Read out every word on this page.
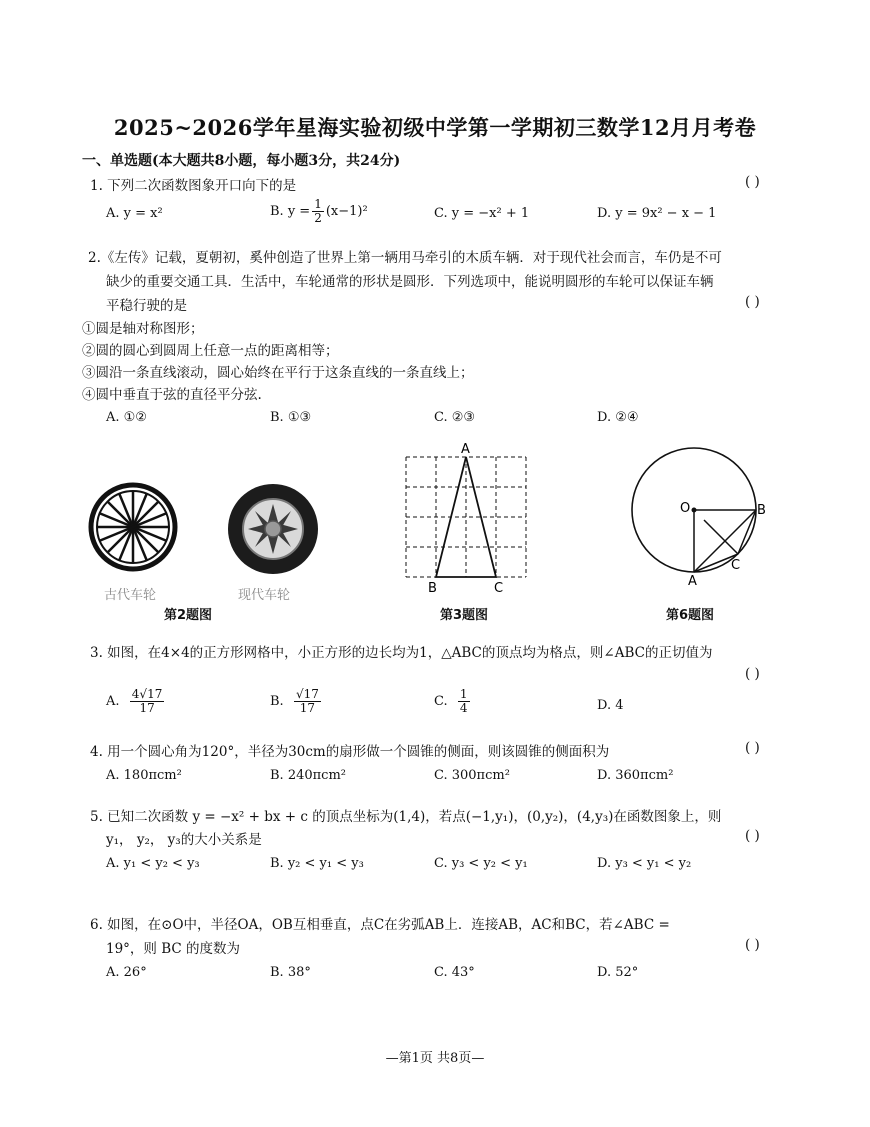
2025~2026学年星海实验初级中学第一学期初三数学12月月考卷
一、单选题(本大题共8小题，每小题3分，共24分)
1. 下列二次函数图象开口向下的是	( )
A. y = x²	B. $y = \frac{1}{2} (x-1)^2$	C. y = −x² + 1	D. y = 9x² − x − 1
2.《左传》记载，夏朝初，奚仲创造了世界上第一辆用马牵引的木质车辆．对于现代社会而言，车仍是不可
缺少的重要交通工具．生活中，车轮通常的形状是圆形．下列选项中，能说明圆形的车轮可以保证车辆
平稳行驶的是	( )
①圆是轴对称图形；
②圆的圆心到圆周上任意一点的距离相等；
③圆沿一条直线滚动，圆心始终在平行于这条直线的一条直线上；
④圆中垂直于弦的直径平分弦.
A. ①②	B. ①③	C. ②③	D. ②④
古代车轮	现代车轮
第2题图
A
B	C
第3题图
O	B
A
C
第6题图
3. 如图，在4×4的正方形网格中，小正方形的边长均为1，△ABC的顶点均为格点，则∠ABC的正切值为
( )
A. $\frac{4√17}{17}$	B. $\frac{√17}{17}$	C. $\frac{1}{4}$	D. 4
4. 用一个圆心角为120°，半径为30cm的扇形做一个圆锥的侧面，则该圆锥的侧面积为	( )
A. 180πcm²	B. 240πcm²	C. 300πcm²	D. 360πcm²
5. 已知二次函数 y = −x² + bx + c 的顶点坐标为(1,4)，若点(−1,y₁)，(0,y₂)，(4,y₃)在函数图象上，则
y₁， y₂， y₃的大小关系是	( )
A. y₁ < y₂ < y₃	B. y₂ < y₁ < y₃	C. y₃ < y₂ < y₁	D. y₃ < y₁ < y₂
6. 如图，在⊙O中，半径OA，OB互相垂直，点C在劣弧AB上．连接AB，AC和BC，若∠ABC =
19°，则 BC 的度数为	( )
A. 26°	B. 38°	C. 43°	D. 52°
—第1页 共8页—
